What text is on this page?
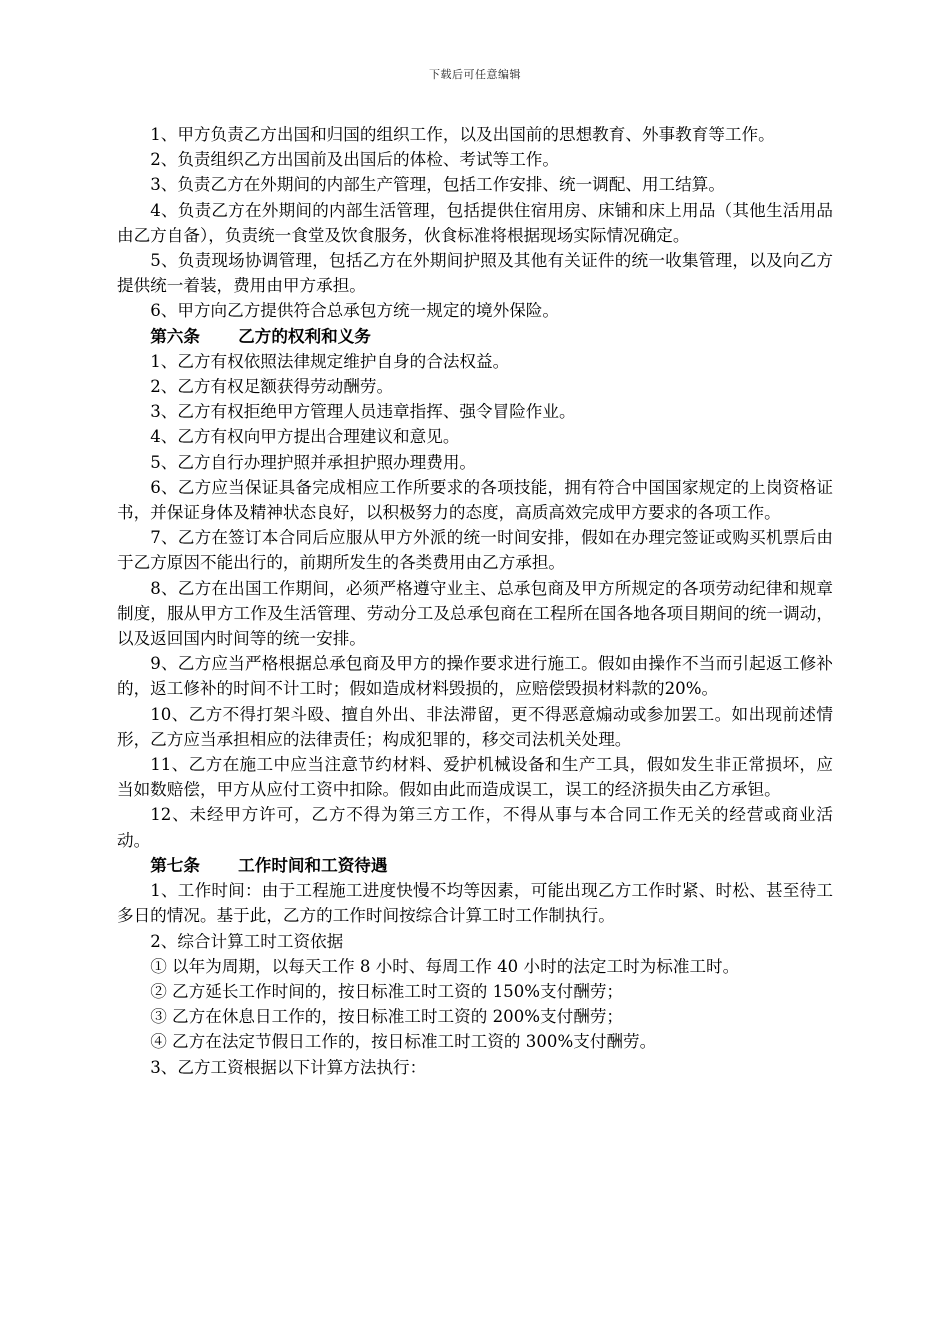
下载后可任意编辑

1、甲方负责乙方出国和归国的组织工作，以及出国前的思想教育、外事教育等工作。

2、负责组织乙方出国前及出国后的体检、考试等工作。

3、负责乙方在外期间的内部生产管理，包括工作安排、统一调配、用工结算。

4、负责乙方在外期间的内部生活管理，包括提供住宿用房、床铺和床上用品（其他生活用品由乙方自备），负责统一食堂及饮食服务，伙食标准将根据现场实际情况确定。

5、负责现场协调管理，包括乙方在外期间护照及其他有关证件的统一收集管理，以及向乙方提供统一着装，费用由甲方承担。

6、甲方向乙方提供符合总承包方统一规定的境外保险。

第六条 乙方的权利和义务

1、乙方有权依照法律规定维护自身的合法权益。

2、乙方有权足额获得劳动酬劳。

3、乙方有权拒绝甲方管理人员违章指挥、强令冒险作业。

4、乙方有权向甲方提出合理建议和意见。

5、乙方自行办理护照并承担护照办理费用。

6、乙方应当保证具备完成相应工作所要求的各项技能，拥有符合中国国家规定的上岗资格证书，并保证身体及精神状态良好，以积极努力的态度，高质高效完成甲方要求的各项工作。

7、乙方在签订本合同后应服从甲方外派的统一时间安排，假如在办理完签证或购买机票后由于乙方原因不能出行的，前期所发生的各类费用由乙方承担。

8、乙方在出国工作期间，必须严格遵守业主、总承包商及甲方所规定的各项劳动纪律和规章制度，服从甲方工作及生活管理、劳动分工及总承包商在工程所在国各地各项目期间的统一调动，以及返回国内时间等的统一安排。

9、乙方应当严格根据总承包商及甲方的操作要求进行施工。假如由操作不当而引起返工修补的，返工修补的时间不计工时；假如造成材料毁损的，应赔偿毁损材料款的20%。

10、乙方不得打架斗殴、擅自外出、非法滞留，更不得恶意煽动或参加罢工。如出现前述情形，乙方应当承担相应的法律责任；构成犯罪的，移交司法机关处理。

11、乙方在施工中应当注意节约材料、爱护机械设备和生产工具，假如发生非正常损坏，应当如数赔偿，甲方从应付工资中扣除。假如由此而造成误工，误工的经济损失由乙方承钽。

12、未经甲方许可，乙方不得为第三方工作，不得从事与本合同工作无关的经营或商业活动。

第七条 工作时间和工资待遇

1、工作时间：由于工程施工进度快慢不均等因素，可能出现乙方工作时紧、时松、甚至待工多日的情况。基于此，乙方的工作时间按综合计算工时工作制执行。

2、综合计算工时工资依据

① 以年为周期，以每天工作 8 小时、每周工作 40 小时的法定工时为标准工时。

② 乙方延长工作时间的，按日标准工时工资的 150%支付酬劳；

③ 乙方在休息日工作的，按日标准工时工资的 200%支付酬劳；

④ 乙方在法定节假日工作的，按日标准工时工资的 300%支付酬劳。

3、乙方工资根据以下计算方法执行：
